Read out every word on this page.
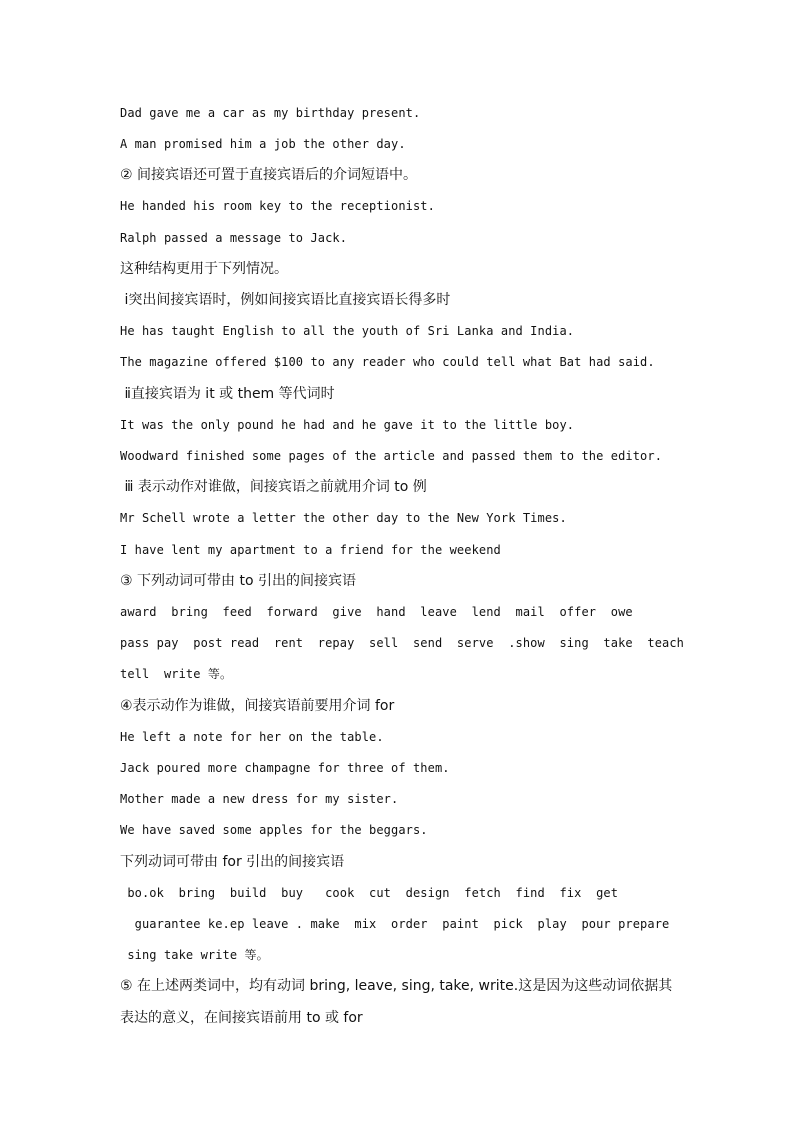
Dad gave me a car as my birthday present.
A man promised him a job the other day.
② 间接宾语还可置于直接宾语后的介词短语中。
He handed his room key to the receptionist.
Ralph passed a message to Jack.
这种结构更用于下列情况。
ⅰ突出间接宾语时，例如间接宾语比直接宾语长得多时
He has taught English to all the youth of Sri Lanka and India.
The magazine offered $100 to any reader who could tell what Bat had said.
ⅱ直接宾语为 it 或 them 等代词时
It was the only pound he had and he gave it to the little boy.
Woodward finished some pages of the article and passed them to the editor.
ⅲ 表示动作对谁做，间接宾语之前就用介词 to 例
Mr Schell wrote a letter the other day to the New York Times.
I have lent my apartment to a friend for the weekend
③ 下列动词可带由 to 引出的间接宾语
award  bring  feed  forward  give  hand  leave  lend  mail  offer  owe
pass pay  post read  rent  repay  sell  send  serve  .show  sing  take  teach
tell  write 等。
④表示动作为谁做，间接宾语前要用介词 for
He left a note for her on the table.
Jack poured more champagne for three of them.
Mother made a new dress for my sister.
We have saved some apples for the beggars.
下列动词可带由 for 引出的间接宾语
bo.ok  bring  build  buy   cook  cut  design  fetch  find  fix  get
guarantee ke.ep leave . make  mix  order  paint  pick  play  pour prepare
sing take write 等。
⑤ 在上述两类词中，均有动词 bring, leave, sing, take, write.这是因为这些动词依据其
表达的意义，在间接宾语前用 to 或 for
